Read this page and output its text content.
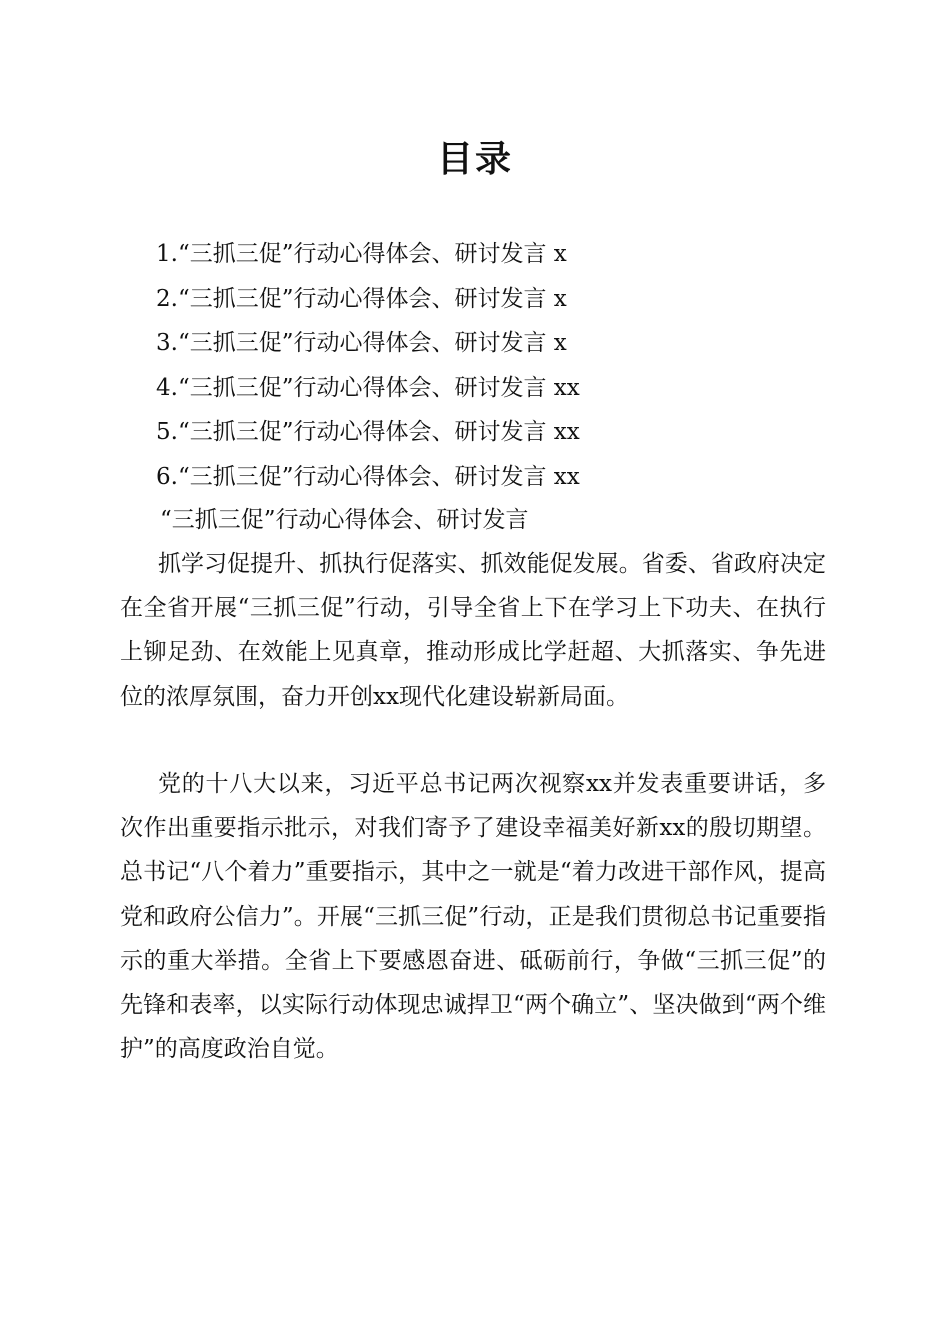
目录
1.“三抓三促”行动心得体会、研讨发言 x
2.“三抓三促”行动心得体会、研讨发言 x
3.“三抓三促”行动心得体会、研讨发言 x
4.“三抓三促”行动心得体会、研讨发言 xx
5.“三抓三促”行动心得体会、研讨发言 xx
6.“三抓三促”行动心得体会、研讨发言 xx
“三抓三促”行动心得体会、研讨发言

抓学习促提升、抓执行促落实、抓效能促发展。省委、省政府决定在全省开展“三抓三促”行动，引导全省上下在学习上下功夫、在执行上铆足劲、在效能上见真章，推动形成比学赶超、大抓落实、争先进位的浓厚氛围，奋力开创xx现代化建设崭新局面。

党的十八大以来，习近平总书记两次视察xx并发表重要讲话，多次作出重要指示批示，对我们寄予了建设幸福美好新xx的殷切期望。总书记“八个着力”重要指示，其中之一就是“着力改进干部作风，提高党和政府公信力”。开展“三抓三促”行动，正是我们贯彻总书记重要指示的重大举措。全省上下要感恩奋进、砥砺前行，争做“三抓三促”的先锋和表率，以实际行动体现忠诚捍卫“两个确立”、坚决做到“两个维护”的高度政治自觉。
